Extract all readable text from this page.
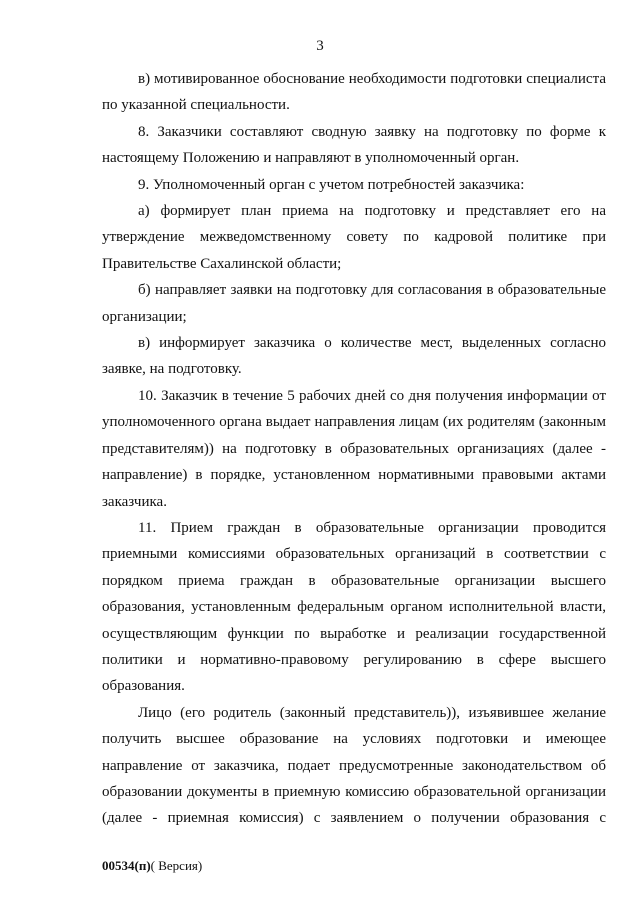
3

в) мотивированное обоснование необходимости подготовки специалиста по указанной специальности.

8. Заказчики составляют сводную заявку на подготовку по форме к настоящему Положению и направляют в уполномоченный орган.

9. Уполномоченный орган с учетом потребностей заказчика:

а) формирует план приема на подготовку и представляет его на утверждение межведомственному совету по кадровой политике при Правительстве Сахалинской области;

б) направляет заявки на подготовку для согласования в образовательные организации;

в) информирует заказчика о количестве мест, выделенных согласно заявке, на подготовку.

10. Заказчик в течение 5 рабочих дней со дня получения информации от уполномоченного органа выдает направления лицам (их родителям (законным представителям)) на подготовку в образовательных организациях (далее - направление) в порядке, установленном нормативными правовыми актами заказчика.

11. Прием граждан в образовательные организации проводится приемными комиссиями образовательных организаций в соответствии с порядком приема граждан в образовательные организации высшего образования, установленным федеральным органом исполнительной власти, осуществляющим функции по выработке и реализации государственной политики и нормативно-правовому регулированию в сфере высшего образования.

Лицо (его родитель (законный представитель)), изъявившее желание получить высшее образование на условиях подготовки и имеющее направление от заказчика, подает предусмотренные законодательством об образовании документы в приемную комиссию образовательной организации (далее - приемная комиссия) с заявлением о получении образования с

00534(п)( Версия)
